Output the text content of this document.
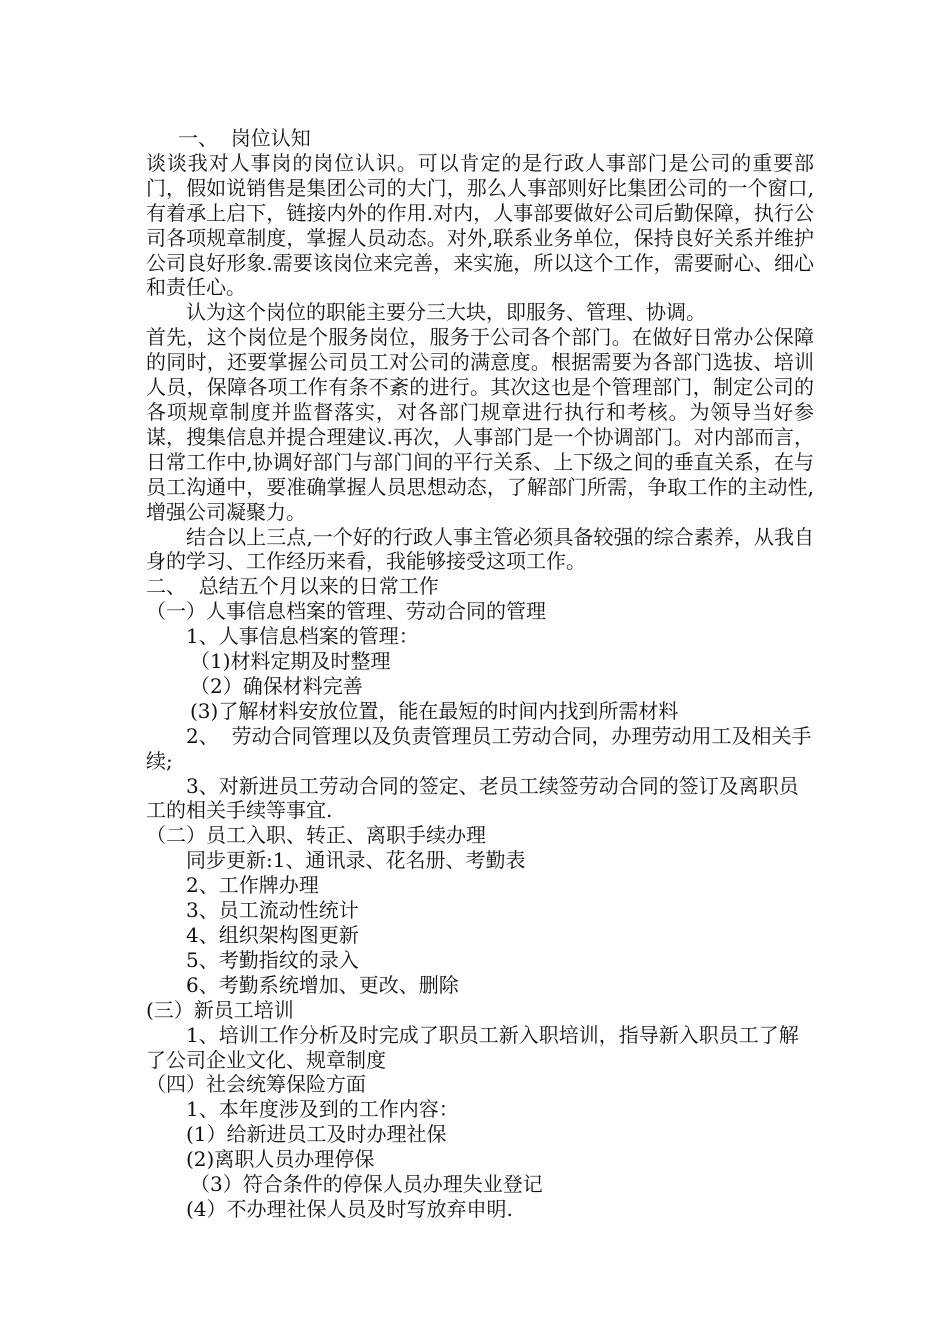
一、  岗位认知

谈谈我对人事岗的岗位认识。可以肯定的是行政人事部门是公司的重要部门，假如说销售是集团公司的大门，那么人事部则好比集团公司的一个窗口,有着承上启下，链接内外的作用.对内，人事部要做好公司后勤保障，执行公司各项规章制度，掌握人员动态。对外,联系业务单位，保持良好关系并维护公司良好形象.需要该岗位来完善，来实施，所以这个工作，需要耐心、细心和责任心。

认为这个岗位的职能主要分三大块，即服务、管理、协调。

首先，这个岗位是个服务岗位，服务于公司各个部门。在做好日常办公保障的同时，还要掌握公司员工对公司的满意度。根据需要为各部门选拔、培训人员，保障各项工作有条不紊的进行。其次这也是个管理部门，制定公司的各项规章制度并监督落实，对各部门规章进行执行和考核。为领导当好参谋，搜集信息并提合理建议.再次，人事部门是一个协调部门。对内部而言，日常工作中,协调好部门与部门间的平行关系、上下级之间的垂直关系，在与员工沟通中，要准确掌握人员思想动态，了解部门所需，争取工作的主动性,增强公司凝聚力。

结合以上三点,一个好的行政人事主管必须具备较强的综合素养，从我自身的学习、工作经历来看，我能够接受这项工作。

二、  总结五个月以来的日常工作

（一）人事信息档案的管理、劳动合同的管理

1、人事信息档案的管理：

（1)材料定期及时整理

（2）确保材料完善

(3)了解材料安放位置，能在最短的时间内找到所需材料

2、  劳动合同管理以及负责管理员工劳动合同，办理劳动用工及相关手续;

3、对新进员工劳动合同的签定、老员工续签劳动合同的签订及离职员工的相关手续等事宜.

（二）员工入职、转正、离职手续办理

同步更新:1、通讯录、花名册、考勤表

2、工作牌办理

3、员工流动性统计

4、组织架构图更新

5、考勤指纹的录入

6、考勤系统增加、更改、删除

(三）新员工培训

1、培训工作分析及时完成了职员工新入职培训，指导新入职员工了解了公司企业文化、规章制度

（四）社会统筹保险方面

1、本年度涉及到的工作内容：

(1）给新进员工及时办理社保

(2)离职人员办理停保

（3）符合条件的停保人员办理失业登记

(4）不办理社保人员及时写放弃申明.
